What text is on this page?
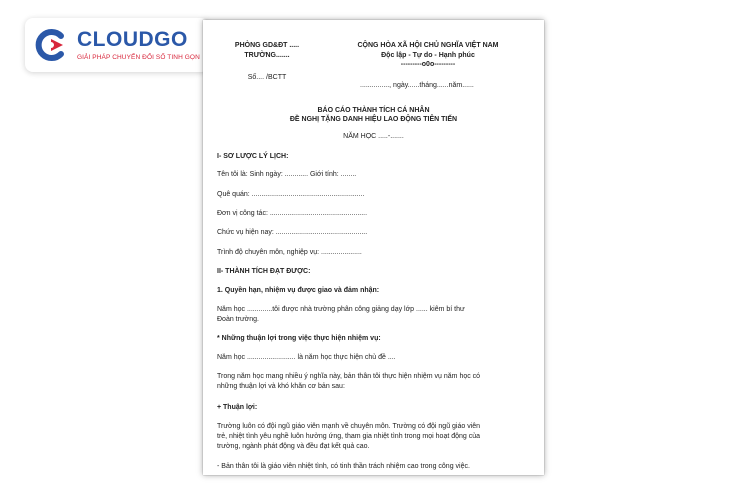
CLOUDGO
GIẢI PHÁP CHUYỂN ĐỔI SỐ TINH GỌN
PHÒNG GD&ĐT .....
TRƯỜNG.......
Số.... /BCTT
CỘNG HÒA XÃ HỘI CHỦ NGHĨA VIỆT NAM
Độc lập - Tự do - Hạnh phúc
---------o0o---------
..............., ngày......tháng......năm......
BÁO CÁO THÀNH TÍCH CÁ NHÂN
ĐỀ NGHỊ TẶNG DANH HIỆU LAO ĐỘNG TIÊN TIẾN
NĂM HỌC .....-.......
I- SƠ LƯỢC LÝ LỊCH:
Tên tôi là: Sinh ngày: ............ Giới tính: ........
Quê quán: ..........................................................
Đơn vị công tác: ..................................................
Chức vụ hiện nay: ...............................................
Trình độ chuyên môn, nghiệp vụ: .....................
II- THÀNH TÍCH ĐẠT ĐƯỢC:
1. Quyền hạn, nhiệm vụ được giao và đảm nhận:
Năm học .............tôi được nhà trường phân công giảng dạy lớp ...... kiêm bí thư
Đoàn trường.
* Những thuận lợi trong việc thực hiện nhiệm vụ:
Năm học ......................... là năm học thực hiện chủ đề ....
Trong năm học mang nhiều ý nghĩa này, bản thân tôi thực hiện nhiệm vụ năm học có
những thuận lợi và khó khăn cơ bản sau:
+ Thuận lợi:
Trường luôn có đội ngũ giáo viên mạnh về chuyên môn. Trường có đội ngũ giáo viên
trẻ, nhiệt tình yêu nghề luôn hưởng ứng, tham gia nhiệt tình trong mọi hoạt động của
trường, ngành phát động và đều đạt kết quả cao.
- Bản thân tôi là giáo viên nhiệt tình, có tinh thần trách nhiệm cao trong công việc.
